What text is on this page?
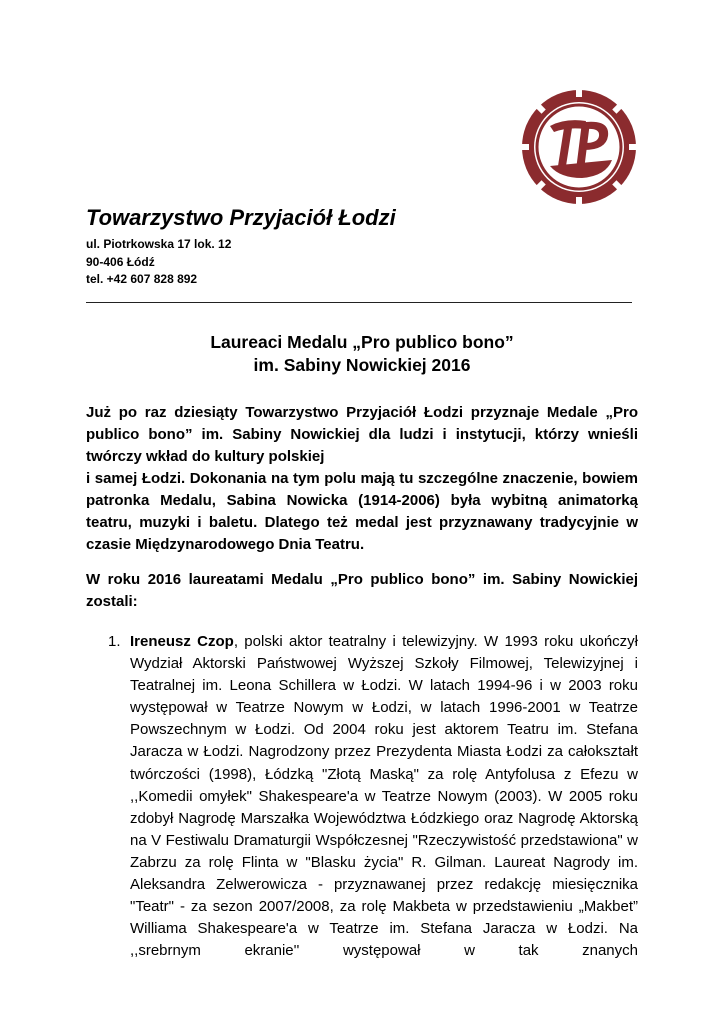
Towarzystwo Przyjaciół Łodzi
ul. Piotrkowska 17 lok. 12
90-406 Łódź
tel. +42 607 828 892
Laureaci Medalu „Pro publico bono”
im. Sabiny Nowickiej 2016

Już po raz dziesiąty Towarzystwo Przyjaciół Łodzi przyznaje Medale „Pro publico bono” im. Sabiny Nowickiej dla ludzi i instytucji, którzy wnieśli twórczy wkład do kultury polskiej

i samej Łodzi. Dokonania na tym polu mają tu szczególne znaczenie, bowiem patronka Medalu, Sabina Nowicka (1914-2006) była wybitną animatorką teatru, muzyki i baletu. Dlatego też medal jest przyznawany tradycyjnie w czasie Międzynarodowego Dnia Teatru.

W roku 2016 laureatami Medalu „Pro publico bono” im. Sabiny Nowickiej zostali:
1. Ireneusz Czop, polski aktor teatralny i telewizyjny. W 1993 roku ukończył Wydział Aktorski Państwowej Wyższej Szkoły Filmowej, Telewizyjnej i Teatralnej im. Leona Schillera w Łodzi. W latach 1994-96 i w 2003 roku występował w Teatrze Nowym w Łodzi, w latach 1996-2001 w Teatrze Powszechnym w Łodzi. Od 2004 roku jest aktorem Teatru im. Stefana Jaracza w Łodzi. Nagrodzony przez Prezydenta Miasta Łodzi za całokształt twórczości (1998), Łódzką "Złotą Maską" za rolę Antyfolusa z Efezu w ,,Komedii omyłek" Shakespeare'a w Teatrze Nowym (2003). W 2005 roku zdobył Nagrodę Marszałka Województwa Łódzkiego oraz Nagrodę Aktorską na V Festiwalu Dramaturgii Współczesnej "Rzeczywistość przedstawiona" w Zabrzu za rolę Flinta w "Blasku życia" R. Gilman. Laureat Nagrody im. Aleksandra Zelwerowicza - przyznawanej przez redakcję miesięcznika "Teatr" - za sezon 2007/2008, za rolę Makbeta w przedstawieniu „Makbet” Williama Shakespeare'a w Teatrze im. Stefana Jaracza w Łodzi. Na ,,srebrnym ekranie'' występował w tak znanych
